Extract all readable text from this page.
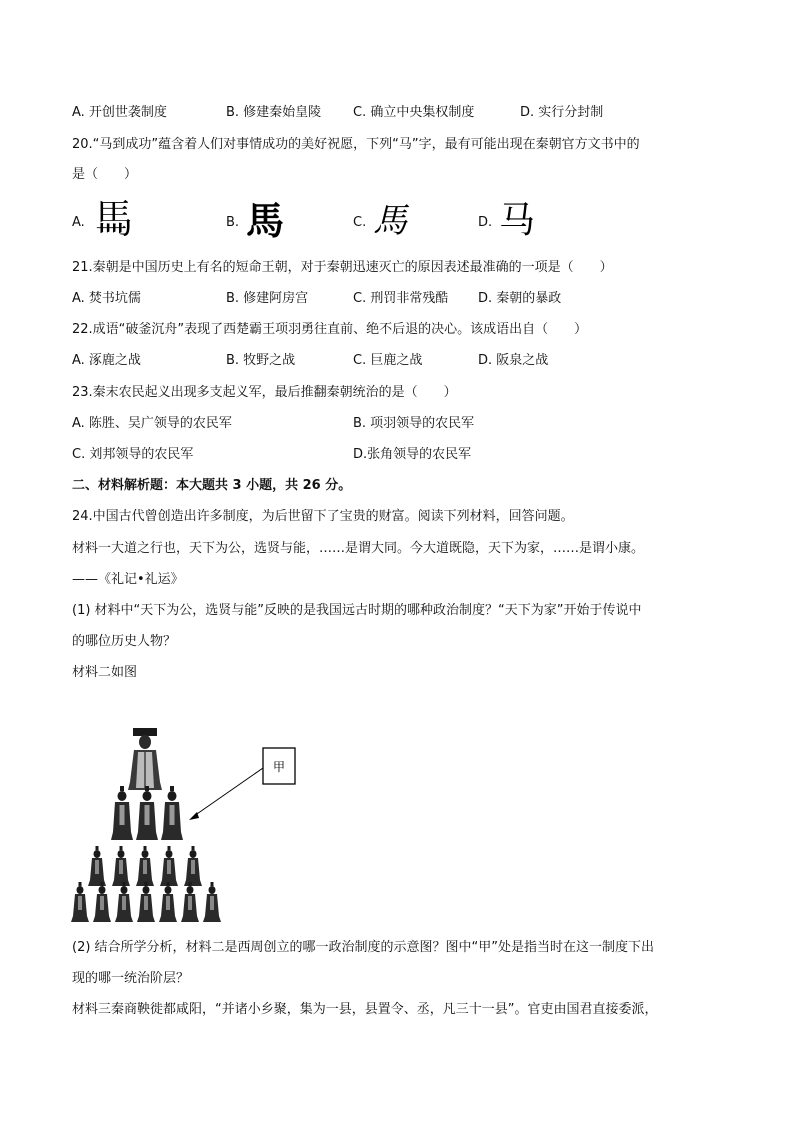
A. 开创世袭制度	B. 修建秦始皇陵 C. 确立中央集权制度	D. 实行分封制
20.“马到成功”蕴含着人们对事情成功的美好祝愿，下列“马”字，最有可能出现在秦朝官方文书中的
是（　　）
A. 𩡧	B. 馬	C. 馬	D. 马
21.秦朝是中国历史上有名的短命王朝，对于秦朝迅速灭亡的原因表述最准确的一项是（　　）
A. 焚书坑儒	B. 修建阿房宫	C. 刑罚非常残酷 D. 秦朝的暴政
22.成语“破釜沉舟”表现了西楚霸王项羽勇往直前、绝不后退的决心。该成语出自（　　）
A. 涿鹿之战	B. 牧野之战	C. 巨鹿之战	D. 阪泉之战
23.秦末农民起义出现多支起义军，最后推翻秦朝统治的是（　　）
A. 陈胜、吴广领导的农民军	B. 项羽领导的农民军
C. 刘邦领导的农民军	D.张角领导的农民军
二、材料解析题：本大题共 3 小题，共 26 分。
24.中国古代曾创造出许多制度，为后世留下了宝贵的财富。阅读下列材料，回答问题。
材料一大道之行也，天下为公，选贤与能，……是谓大同。今大道既隐，天下为家，……是谓小康。
——《礼记•礼运》
(1) 材料中“天下为公，选贤与能”反映的是我国远古时期的哪种政治制度？“天下为家”开始于传说中
的哪位历史人物？
材料二如图
甲
(2) 结合所学分析，材料二是西周创立的哪一政治制度的示意图？图中“甲”处是指当时在这一制度下出
现的哪一统治阶层？
材料三秦商鞅徙都咸阳，“并诸小乡聚，集为一县，县置令、丞，凡三十一县”。官吏由国君直接委派，
